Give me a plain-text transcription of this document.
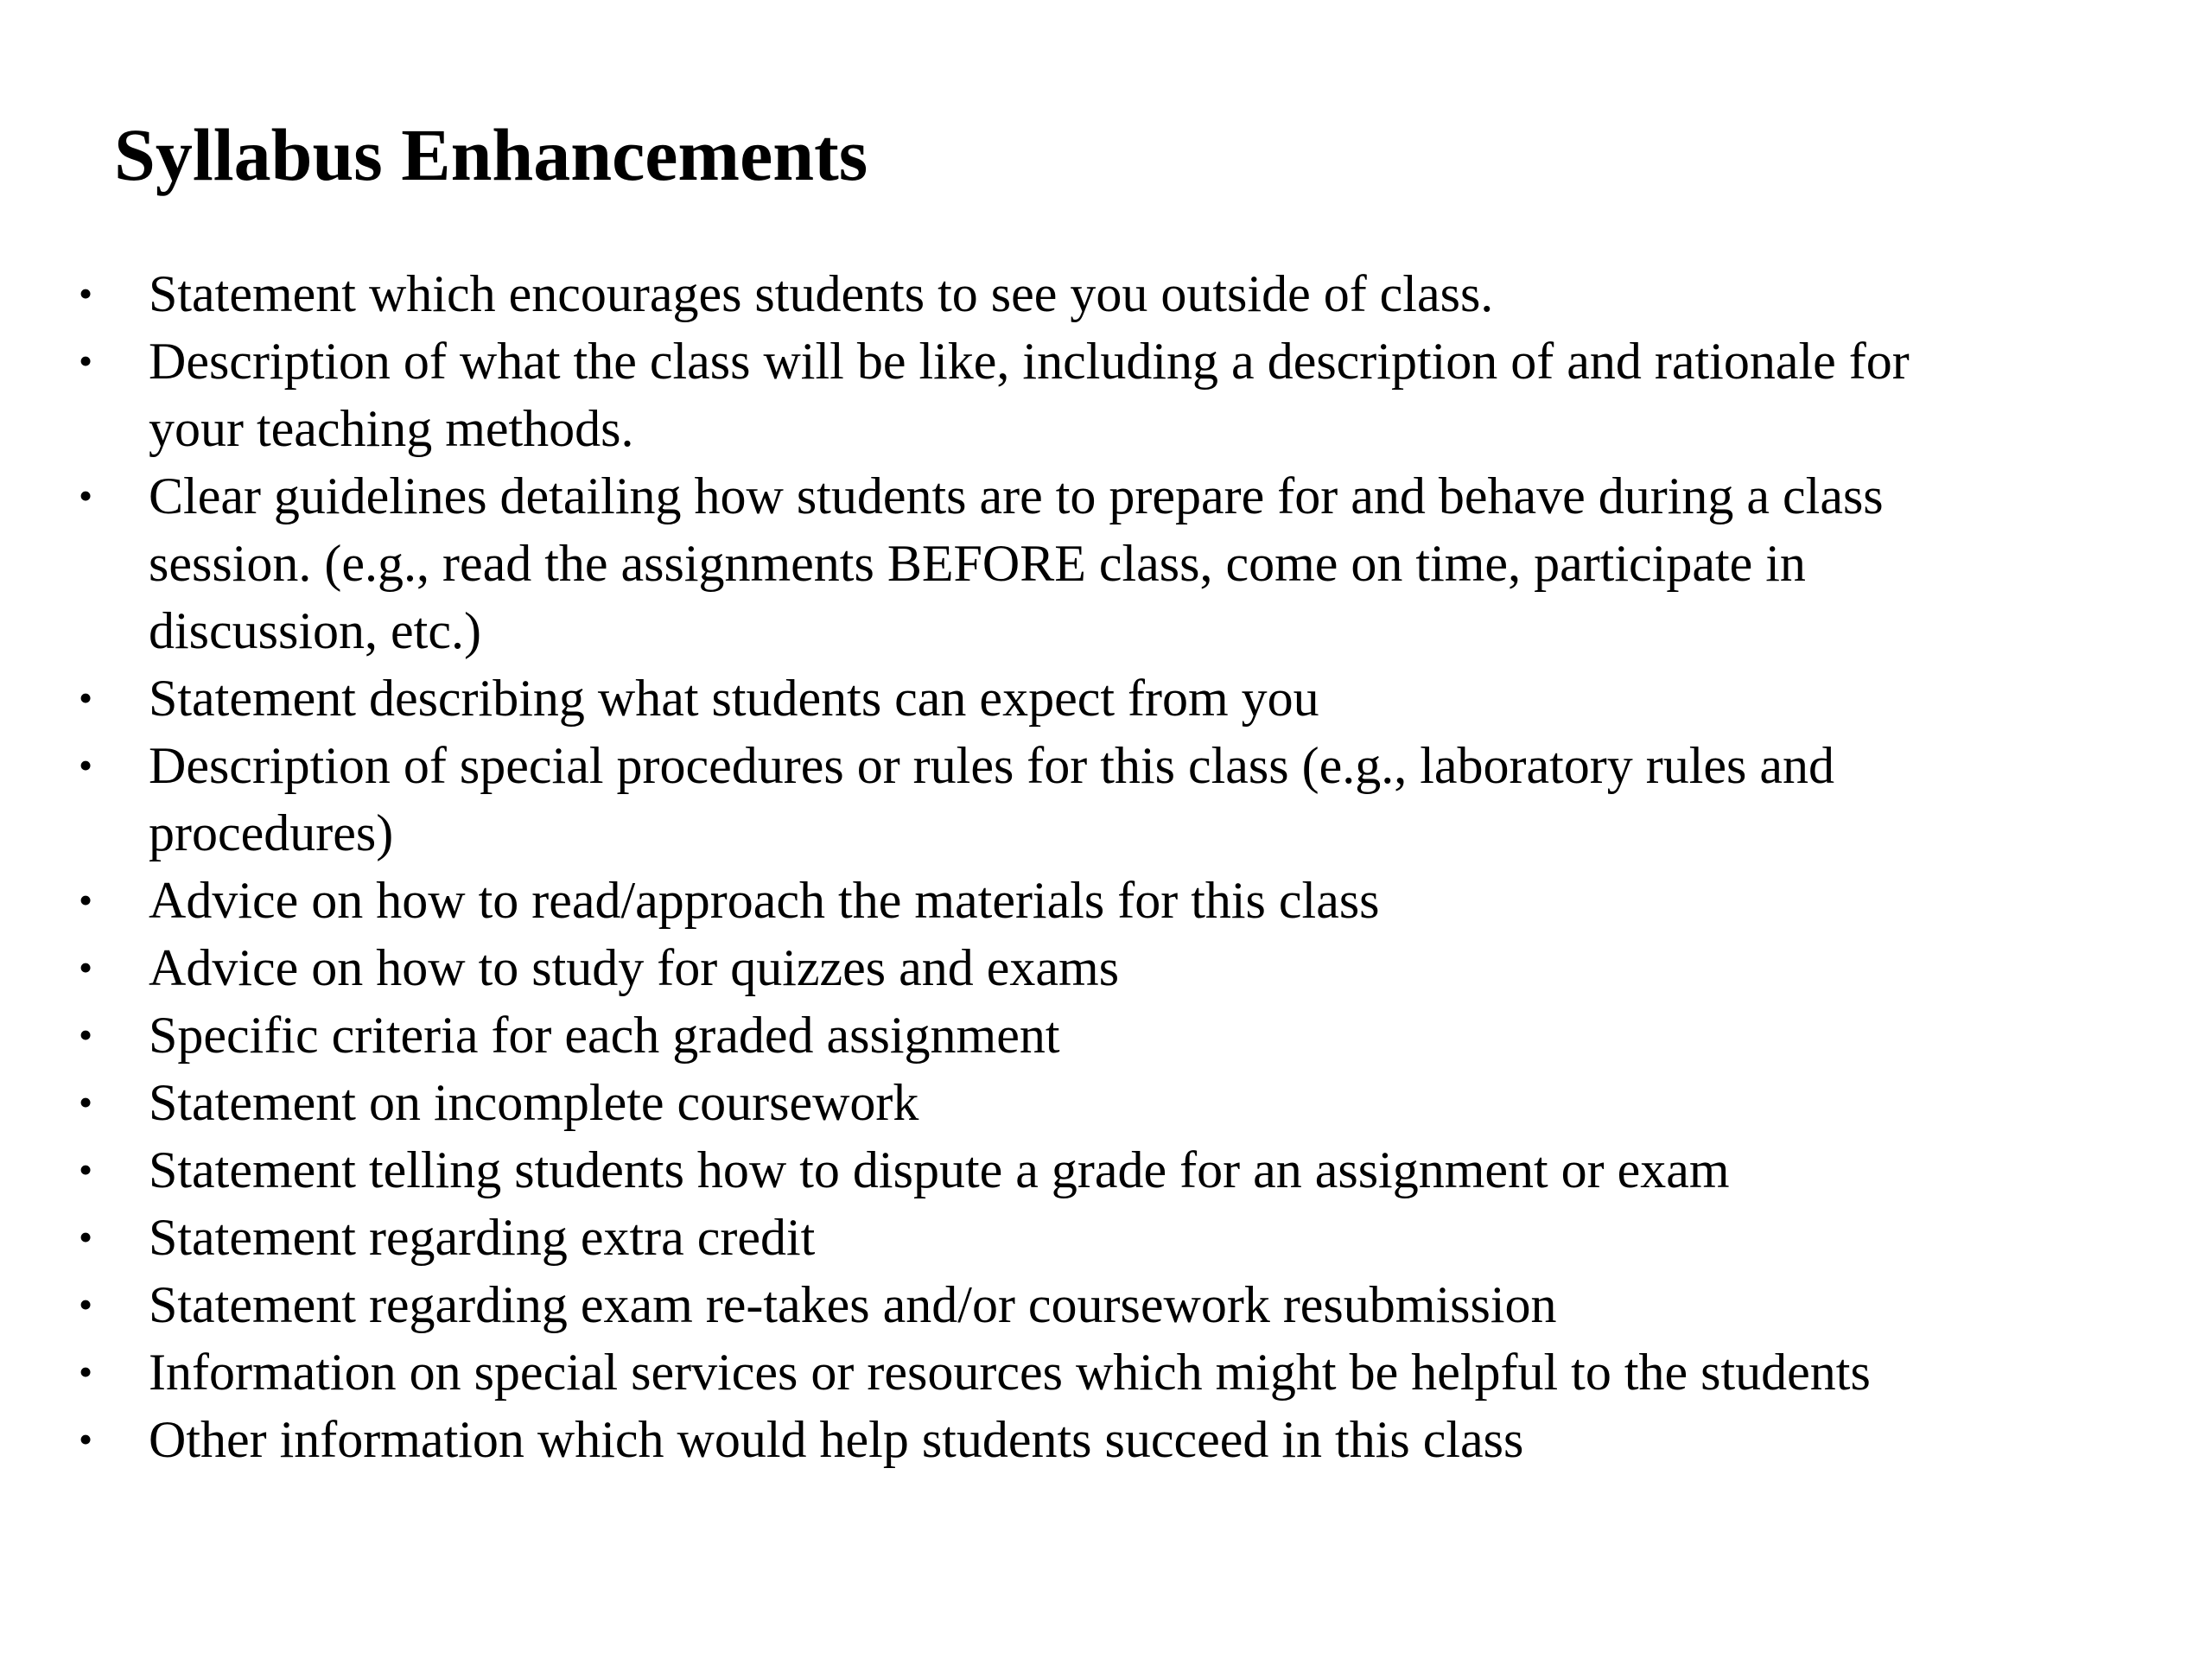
Syllabus Enhancements
• Statement which encourages students to see you outside of class.
• Description of what the class will be like, including a description of and rationale for
your teaching methods.
• Clear guidelines detailing how students are to prepare for and behave during a class
session. (e.g., read the assignments BEFORE class, come on time, participate in
discussion, etc.)
• Statement describing what students can expect from you
• Description of special procedures or rules for this class (e.g., laboratory rules and
procedures)
• Advice on how to read/approach the materials for this class
• Advice on how to study for quizzes and exams
• Specific criteria for each graded assignment
• Statement on incomplete coursework
• Statement telling students how to dispute a grade for an assignment or exam
• Statement regarding extra credit
• Statement regarding exam re-takes and/or coursework resubmission
• Information on special services or resources which might be helpful to the students
• Other information which would help students succeed in this class
